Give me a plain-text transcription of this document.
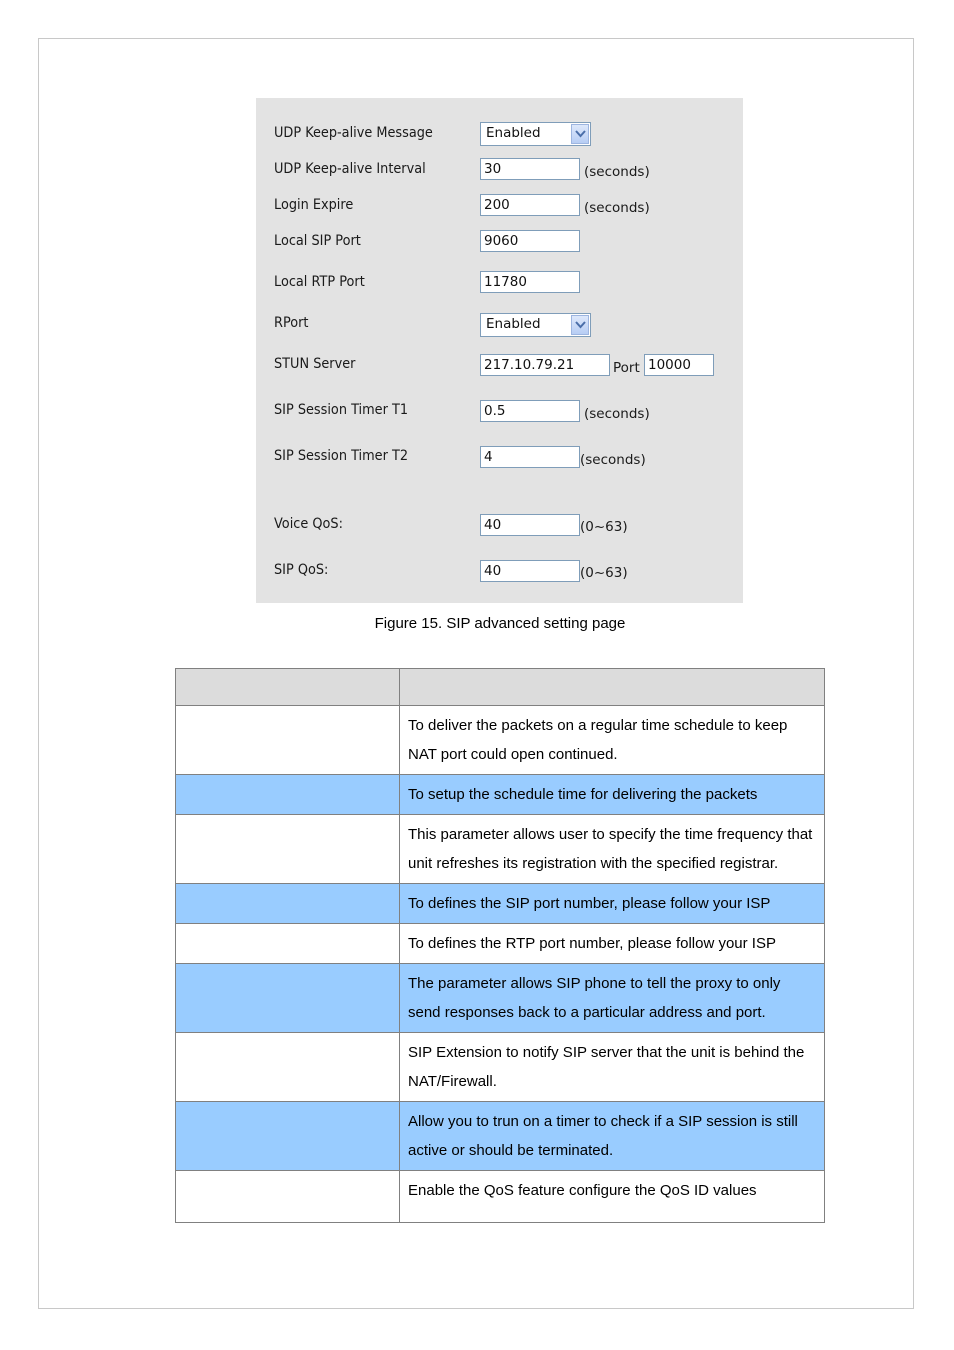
UDP Keep-alive Message	Enabled
UDP Keep-alive Interval	30	(seconds)
Login Expire	200	(seconds)
Local SIP Port	9060
Local RTP Port	11780
RPort	Enabled
STUN Server	217.10.79.21	Port 10000
SIP Session Timer T1	0.5	(seconds)
SIP Session Timer T2	4	(seconds)
Voice QoS:	40	(0~63)
SIP QoS:	40	(0~63)
Figure 15. SIP advanced setting page

	To deliver the packets on a regular time schedule to keep NAT port could open continued.

	To setup the schedule time for delivering the packets

	This parameter allows user to specify the time frequency that unit refreshes its registration with the specified registrar.

	To defines the SIP port number, please follow your ISP

	To defines the RTP port number, please follow your ISP

	The parameter allows SIP phone to tell the proxy to only send responses back to a particular address and port.

	SIP Extension to notify SIP server that the unit is behind the NAT/Firewall.

	Allow you to trun on a timer to check if a SIP session is still active or should be terminated.

	Enable the QoS feature configure the QoS ID values
